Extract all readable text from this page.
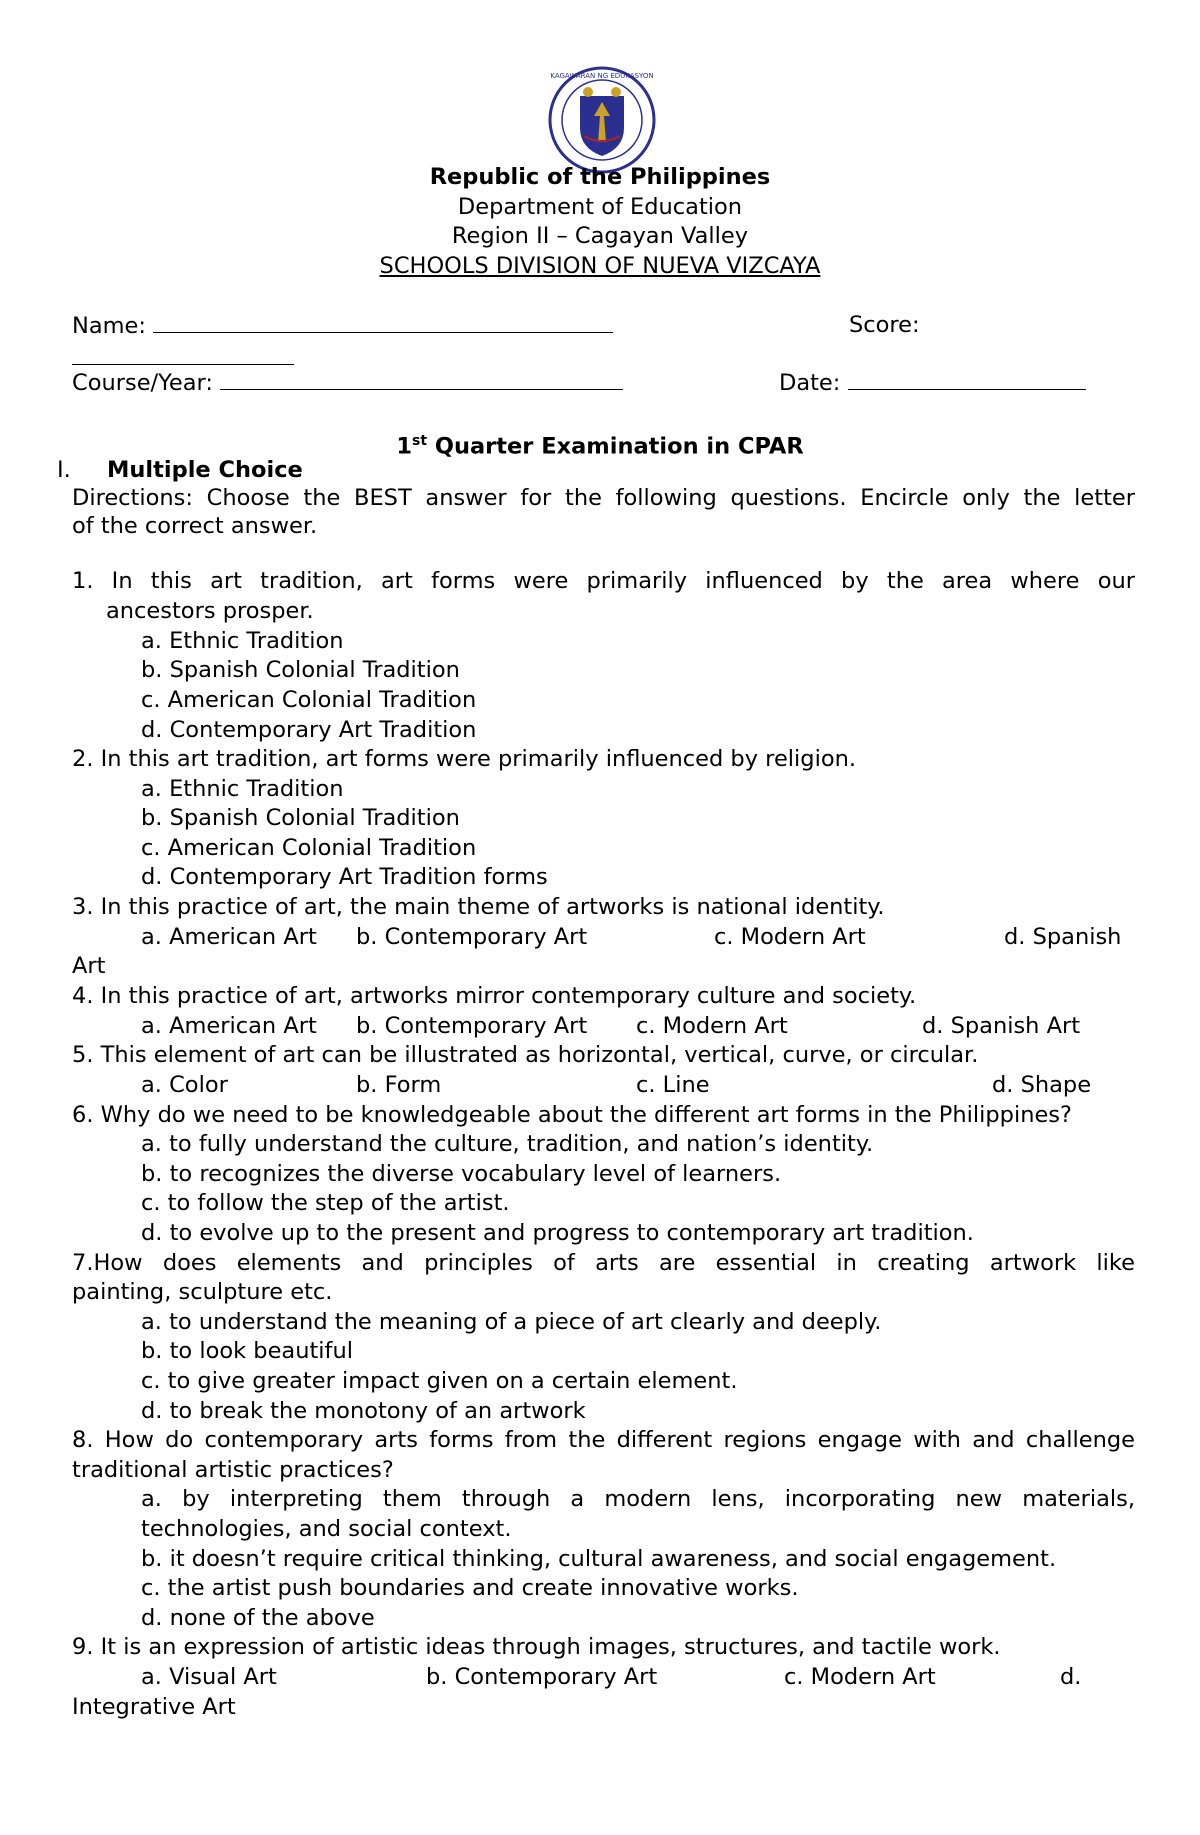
KAGAWARAN NG EDUKASYON
Republic of the Philippines
Department of Education
Region II – Cagayan Valley
SCHOOLS DIVISION OF NUEVA VIZCAYA
Name:	Score:
Course/Year:	Date:
1st Quarter Examination in CPAR
I. Multiple Choice
Directions: Choose the BEST answer for the following questions. Encircle only the letter
of the correct answer.
1. In this art tradition, art forms were primarily influenced by the area where our
ancestors prosper.
a. Ethnic Tradition
b. Spanish Colonial Tradition
c. American Colonial Tradition
d. Contemporary Art Tradition
2. In this art tradition, art forms were primarily influenced by religion.
a. Ethnic Tradition
b. Spanish Colonial Tradition
c. American Colonial Tradition
d. Contemporary Art Tradition forms
3. In this practice of art, the main theme of artworks is national identity.
a. American Art b. Contemporary Art	c. Modern Art	d. Spanish
Art
4. In this practice of art, artworks mirror contemporary culture and society.
a. American Art b. Contemporary Art c. Modern Art	d. Spanish Art
5. This element of art can be illustrated as horizontal, vertical, curve, or circular.
a. Color	b. Form	c. Line	d. Shape
6. Why do we need to be knowledgeable about the different art forms in the Philippines?
a. to fully understand the culture, tradition, and nation’s identity.
b. to recognizes the diverse vocabulary level of learners.
c. to follow the step of the artist.
d. to evolve up to the present and progress to contemporary art tradition.
7.How does elements and principles of arts are essential in creating artwork like
painting, sculpture etc.
a. to understand the meaning of a piece of art clearly and deeply.
b. to look beautiful
c. to give greater impact given on a certain element.
d. to break the monotony of an artwork
8. How do contemporary arts forms from the different regions engage with and challenge
traditional artistic practices?
a. by interpreting them through a modern lens, incorporating new materials,
technologies, and social context.
b. it doesn’t require critical thinking, cultural awareness, and social engagement.
c. the artist push boundaries and create innovative works.
d. none of the above
9. It is an expression of artistic ideas through images, structures, and tactile work.
a. Visual Art	b. Contemporary Art	c. Modern Art	d.
Integrative Art
